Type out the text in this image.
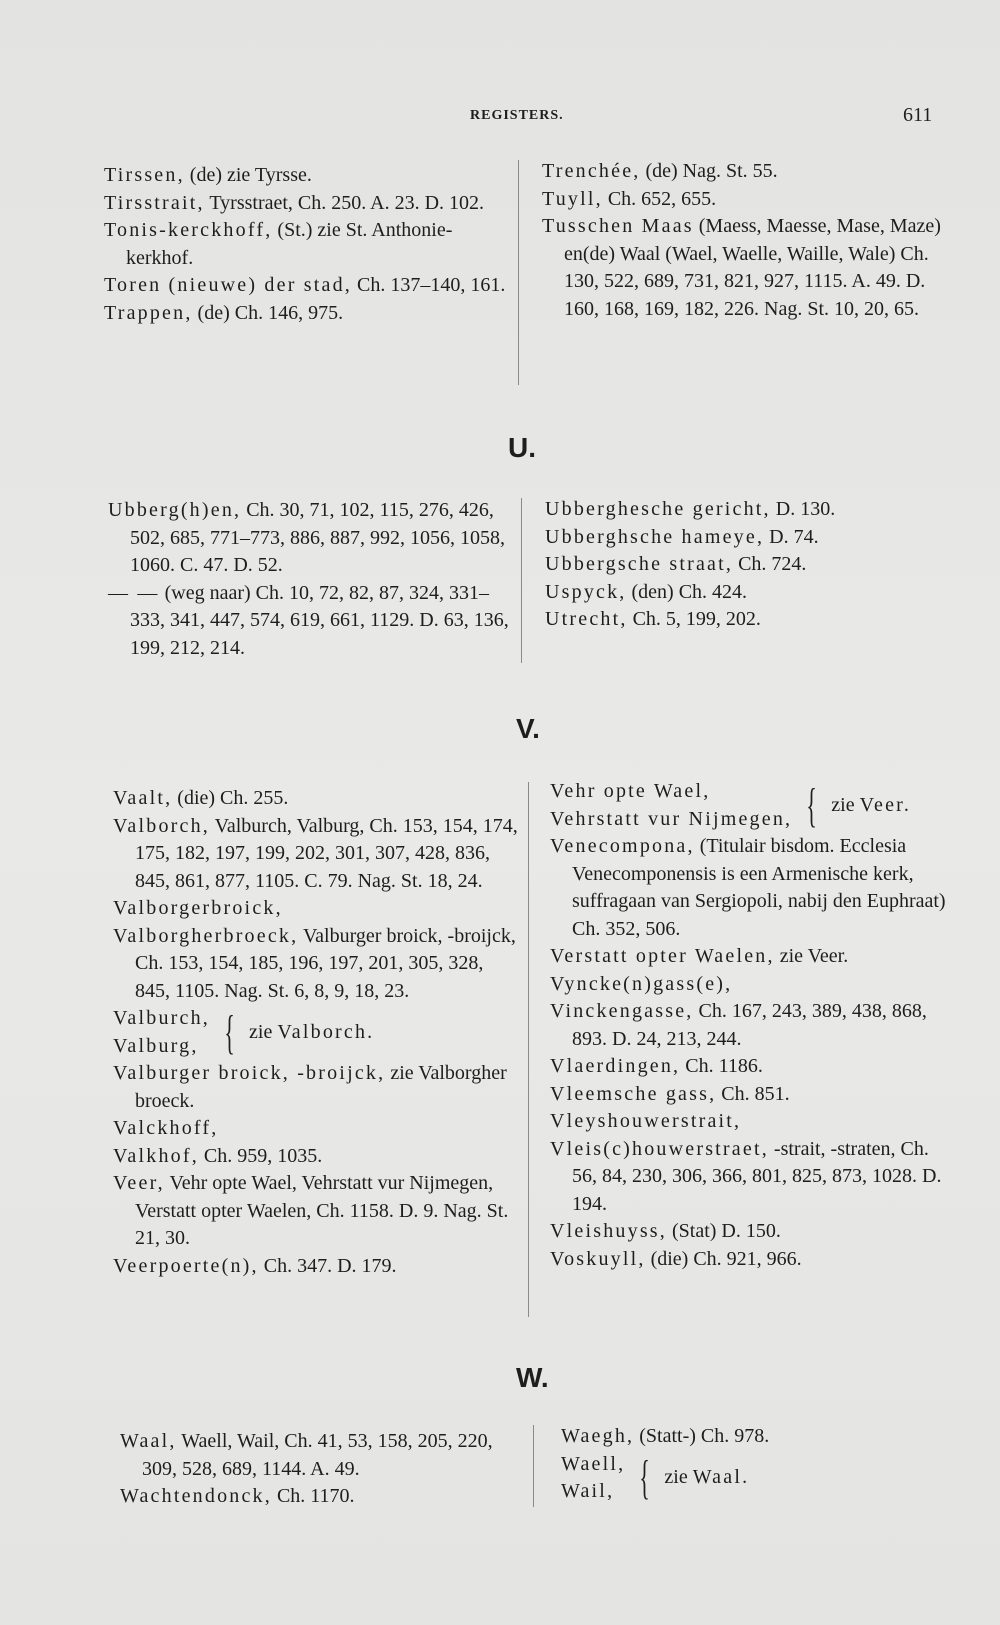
REGISTERS.	611

Tirssen, (de) zie Tyrsse.

Tirsstrait, Tyrsstraet, Ch. 250. A. 23. D. 102.

Tonis-kerckhoff, (St.) zie St. Anthonie-kerkhof.

Toren (nieuwe) der stad, Ch. 137–140, 161.

Trappen, (de) Ch. 146, 975.

Trenchée, (de) Nag. St. 55.

Tuyll, Ch. 652, 655.

Tusschen Maas (Maess, Maesse, Mase, Maze) en(de) Waal (Wael, Waelle, Waille, Wale) Ch. 130, 522, 689, 731, 821, 927, 1115. A. 49. D. 160, 168, 169, 182, 226. Nag. St. 10, 20, 65.

U.

Ubberg(h)en, Ch. 30, 71, 102, 115, 276, 426, 502, 685, 771–773, 886, 887, 992, 1056, 1058, 1060. C. 47. D. 52.

— — (weg naar) Ch. 10, 72, 82, 87, 324, 331–333, 341, 447, 574, 619, 661, 1129. D. 63, 136, 199, 212, 214.

Ubberghesche gericht, D. 130.

Ubberghsche hameye, D. 74.

Ubbergsche straat, Ch. 724.

Uspyck, (den) Ch. 424.

Utrecht, Ch. 5, 199, 202.

V.

Vaalt, (die) Ch. 255.

Valborch, Valburch, Valburg, Ch. 153, 154, 174, 175, 182, 197, 199, 202, 301, 307, 428, 836, 845, 861, 877, 1105. C. 79. Nag. St. 18, 24.

Valborgerbroick,

Valborgherbroeck, Valburger broick, -broijck, Ch. 153, 154, 185, 196, 197, 201, 305, 328, 845, 1105. Nag. St. 6, 8, 9, 18, 23.

Valburch,
Valburg, { zie Valborch.

Valburger broick, -broijck, zie Valborgher broeck.

Valckhoff,

Valkhof, Ch. 959, 1035.

Veer, Vehr opte Wael, Vehrstatt vur Nijmegen, Verstatt opter Waelen, Ch. 1158. D. 9. Nag. St. 21, 30.

Veerpoerte(n), Ch. 347. D. 179.

Vehr opte Wael,
Vehrstatt vur Nijmegen, { zie Veer.

Venecompona, (Titulair bisdom. Ecclesia Venecomponensis is een Armenische kerk, suffragaan van Sergiopoli, nabij den Euphraat) Ch. 352, 506.

Verstatt opter Waelen, zie Veer.

Vyncke(n)gass(e),

Vinckengasse, Ch. 167, 243, 389, 438, 868, 893. D. 24, 213, 244.

Vlaerdingen, Ch. 1186.

Vleemsche gass, Ch. 851.

Vleyshouwerstrait,

Vleis(c)houwerstraet, -strait, -straten, Ch. 56, 84, 230, 306, 366, 801, 825, 873, 1028. D. 194.

Vleishuyss, (Stat) D. 150.

Voskuyll, (die) Ch. 921, 966.

W.

Waal, Waell, Wail, Ch. 41, 53, 158, 205, 220, 309, 528, 689, 1144. A. 49.

Wachtendonck, Ch. 1170.

Waegh, (Statt-) Ch. 978.

Waell,
Wail, { zie Waal.
